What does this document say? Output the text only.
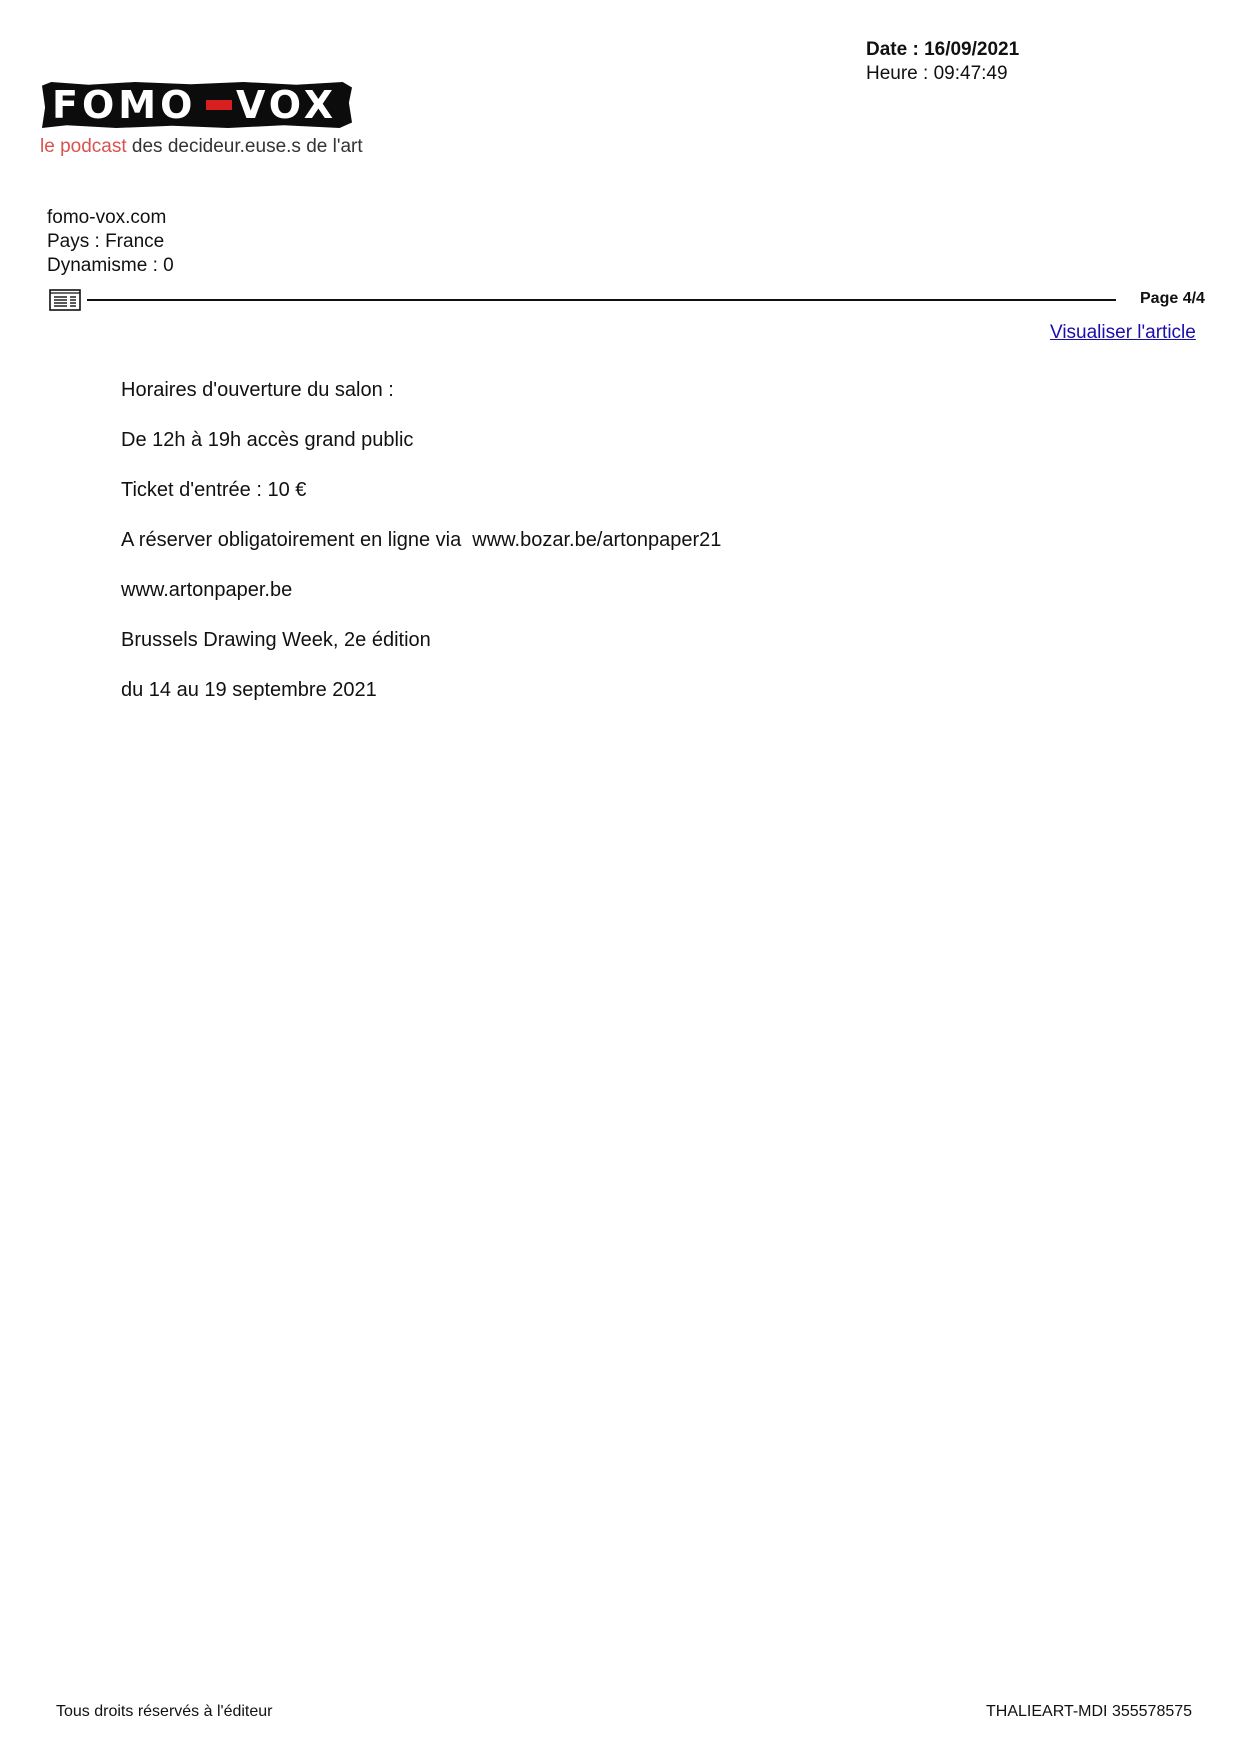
Date : 16/09/2021
Heure : 09:47:49
FOMO VOX
le podcast des decideur.euse.s de l'art
fomo-vox.com
Pays : France
Dynamisme : 0
Page 4/4
Visualiser l'article

Horaires d'ouverture du salon :

De 12h à 19h accès grand public

Ticket d'entrée : 10 €

A réserver obligatoirement en ligne via  www.bozar.be/artonpaper21

www.artonpaper.be

Brussels Drawing Week, 2e édition

du 14 au 19 septembre 2021

Tous droits réservés à l'éditeur	THALIEART-MDI 355578575
